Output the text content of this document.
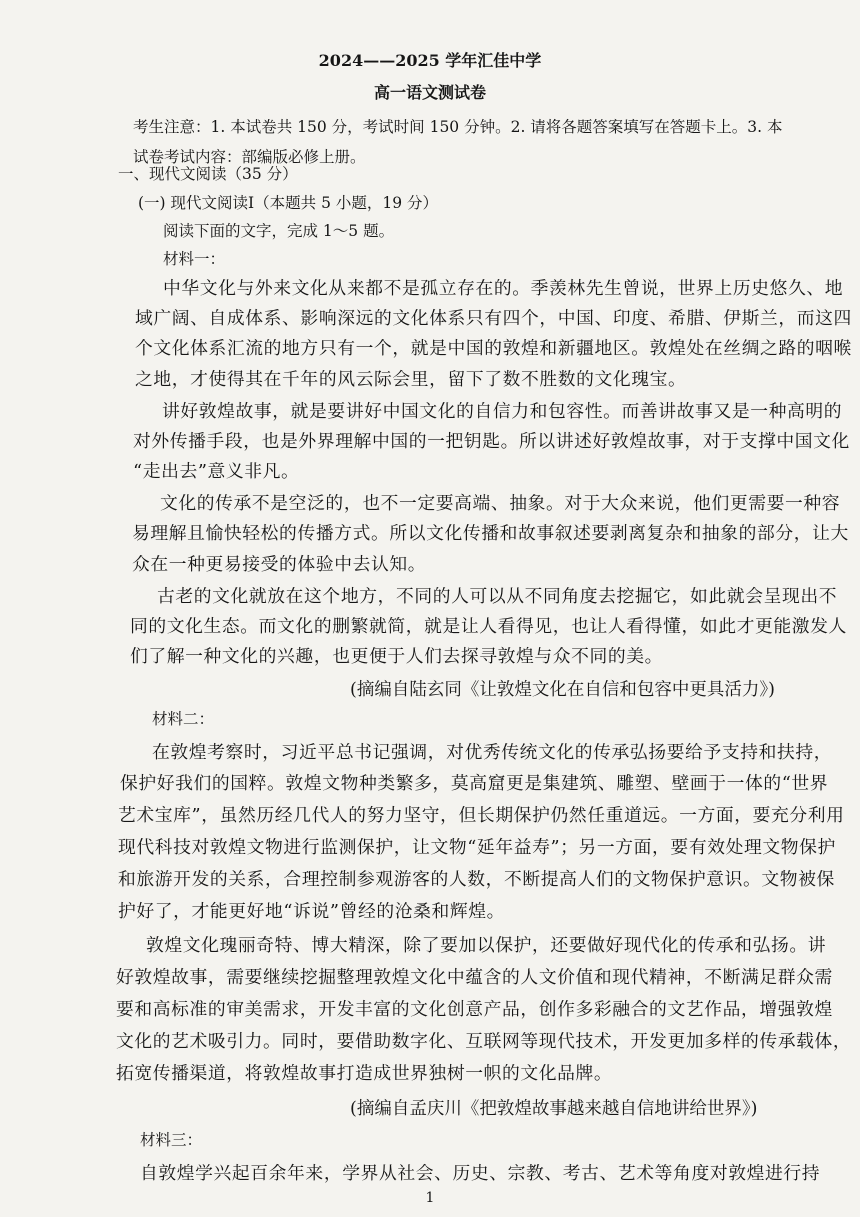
2024——2025 学年汇佳中学
高一语文测试卷
考生注意：1. 本试卷共 150 分，考试时间 150 分钟。2. 请将各题答案填写在答题卡上。3. 本试卷考试内容：部编版必修上册。
一、现代文阅读（35 分）
(一) 现代文阅读Ⅰ（本题共 5 小题，19 分）
阅读下面的文字，完成 1～5 题。
材料一：
中华文化与外来文化从来都不是孤立存在的。季羡林先生曾说，世界上历史悠久、地
域广阔、自成体系、影响深远的文化体系只有四个，中国、印度、希腊、伊斯兰，而这四
个文化体系汇流的地方只有一个，就是中国的敦煌和新疆地区。敦煌处在丝绸之路的咽喉
之地，才使得其在千年的风云际会里，留下了数不胜数的文化瑰宝。
讲好敦煌故事，就是要讲好中国文化的自信力和包容性。而善讲故事又是一种高明的
对外传播手段，也是外界理解中国的一把钥匙。所以讲述好敦煌故事，对于支撑中国文化
“走出去”意义非凡。
文化的传承不是空泛的，也不一定要高端、抽象。对于大众来说，他们更需要一种容
易理解且愉快轻松的传播方式。所以文化传播和故事叙述要剥离复杂和抽象的部分，让大
众在一种更易接受的体验中去认知。
古老的文化就放在这个地方，不同的人可以从不同角度去挖掘它，如此就会呈现出不
同的文化生态。而文化的删繁就简，就是让人看得见，也让人看得懂，如此才更能激发人
们了解一种文化的兴趣，也更便于人们去探寻敦煌与众不同的美。
(摘编自陆玄同《让敦煌文化在自信和包容中更具活力》)
材料二：
在敦煌考察时，习近平总书记强调，对优秀传统文化的传承弘扬要给予支持和扶持，
保护好我们的国粹。敦煌文物种类繁多，莫高窟更是集建筑、雕塑、壁画于一体的“世界
艺术宝库”，虽然历经几代人的努力坚守，但长期保护仍然任重道远。一方面，要充分利用
现代科技对敦煌文物进行监测保护，让文物“延年益寿”；另一方面，要有效处理文物保护
和旅游开发的关系，合理控制参观游客的人数，不断提高人们的文物保护意识。文物被保
护好了，才能更好地“诉说”曾经的沧桑和辉煌。
敦煌文化瑰丽奇特、博大精深，除了要加以保护，还要做好现代化的传承和弘扬。讲
好敦煌故事，需要继续挖掘整理敦煌文化中蕴含的人文价值和现代精神，不断满足群众需
要和高标准的审美需求，开发丰富的文化创意产品，创作多彩融合的文艺作品，增强敦煌
文化的艺术吸引力。同时，要借助数字化、互联网等现代技术，开发更加多样的传承载体，
拓宽传播渠道，将敦煌故事打造成世界独树一帜的文化品牌。
(摘编自孟庆川《把敦煌故事越来越自信地讲给世界》)
材料三：
自敦煌学兴起百余年来，学界从社会、历史、宗教、考古、艺术等角度对敦煌进行持
1
